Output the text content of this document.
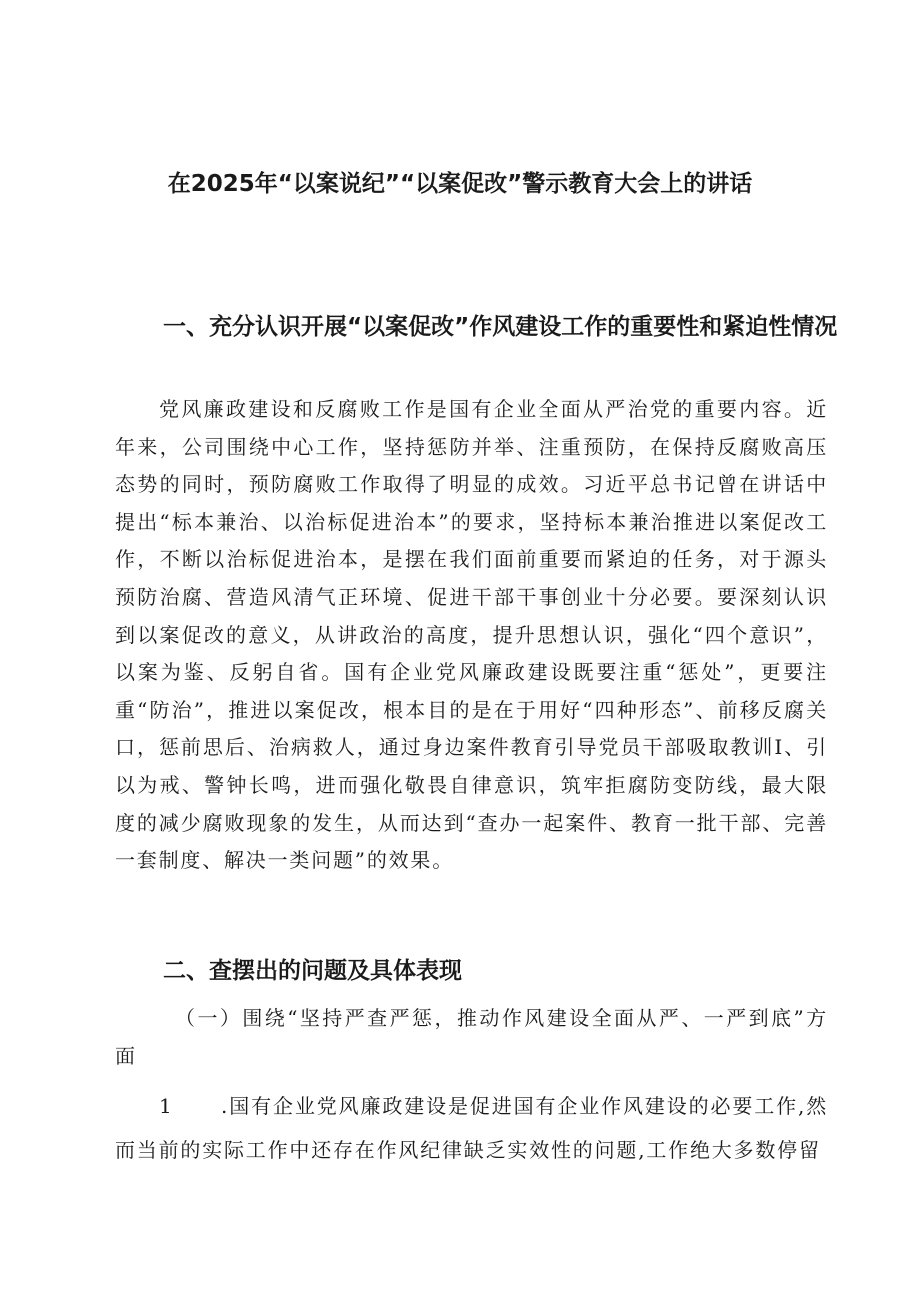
在2025年“以案说纪”“以案促改”警示教育大会上的讲话
一、充分认识开展“以案促改”作风建设工作的重要性和紧迫性情况
党风廉政建设和反腐败工作是国有企业全面从严治党的重要内容。近年来，公司围绕中心工作，坚持惩防并举、注重预防，在保持反腐败高压态势的同时，预防腐败工作取得了明显的成效。习近平总书记曾在讲话中提出“标本兼治、以治标促进治本”的要求，坚持标本兼治推进以案促改工作，不断以治标促进治本，是摆在我们面前重要而紧迫的任务，对于源头预防治腐、营造风清气正环境、促进干部干事创业十分必要。要深刻认识到以案促改的意义，从讲政治的高度，提升思想认识，强化“四个意识”，以案为鉴、反躬自省。国有企业党风廉政建设既要注重“惩处”，更要注重“防治”，推进以案促改，根本目的是在于用好“四种形态”、前移反腐关口，惩前思后、治病救人，通过身边案件教育引导党员干部吸取教训I、引以为戒、警钟长鸣，进而强化敬畏自律意识，筑牢拒腐防变防线，最大限度的减少腐败现象的发生，从而达到“查办一起案件、教育一批干部、完善一套制度、解决一类问题”的效果。
二、查摆出的问题及具体表现
（一）围绕“坚持严查严惩，推动作风建设全面从严、一严到底”方面
1 .国有企业党风廉政建设是促进国有企业作风建设的必要工作,然而当前的实际工作中还存在作风纪律缺乏实效性的问题,工作绝大多数停留
